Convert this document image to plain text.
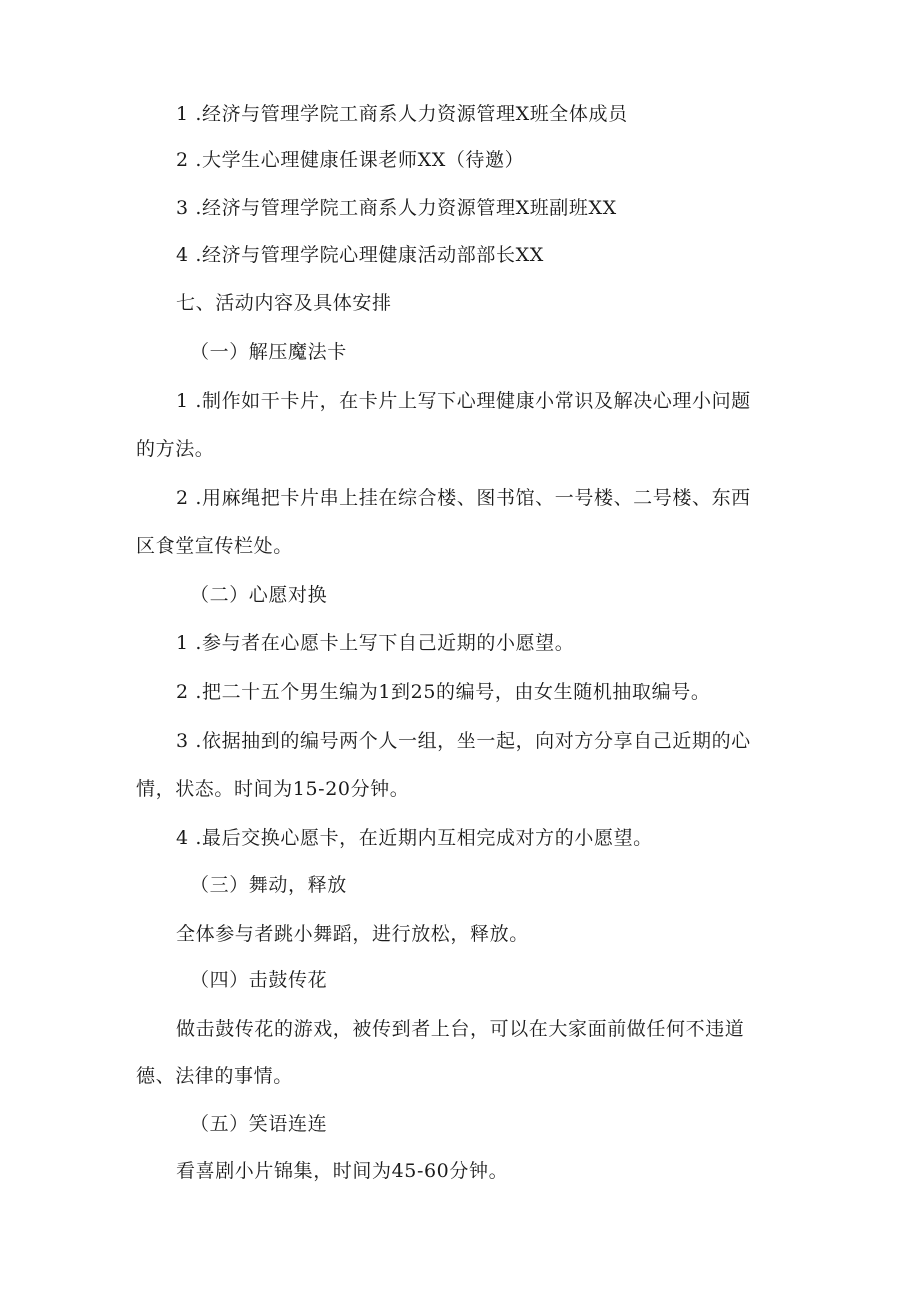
1 .经济与管理学院工商系人力资源管理X班全体成员
2 .大学生心理健康任课老师XX（待邀）
3 .经济与管理学院工商系人力资源管理X班副班XX
4 .经济与管理学院心理健康活动部部长XX
七、活动内容及具体安排
（一）解压魔法卡
1 .制作如干卡片，在卡片上写下心理健康小常识及解决心理小问题
的方法。
2 .用麻绳把卡片串上挂在综合楼、图书馆、一号楼、二号楼、东西
区食堂宣传栏处。
（二）心愿对换
1 .参与者在心愿卡上写下自己近期的小愿望。
2 .把二十五个男生编为1到25的编号，由女生随机抽取编号。
3 .依据抽到的编号两个人一组，坐一起，向对方分享自己近期的心
情，状态。时间为15-20分钟。
4 .最后交换心愿卡，在近期内互相完成对方的小愿望。
（三）舞动，释放
全体参与者跳小舞蹈，进行放松，释放。
（四）击鼓传花
做击鼓传花的游戏，被传到者上台，可以在大家面前做任何不违道
德、法律的事情。
（五）笑语连连
看喜剧小片锦集，时间为45-60分钟。
